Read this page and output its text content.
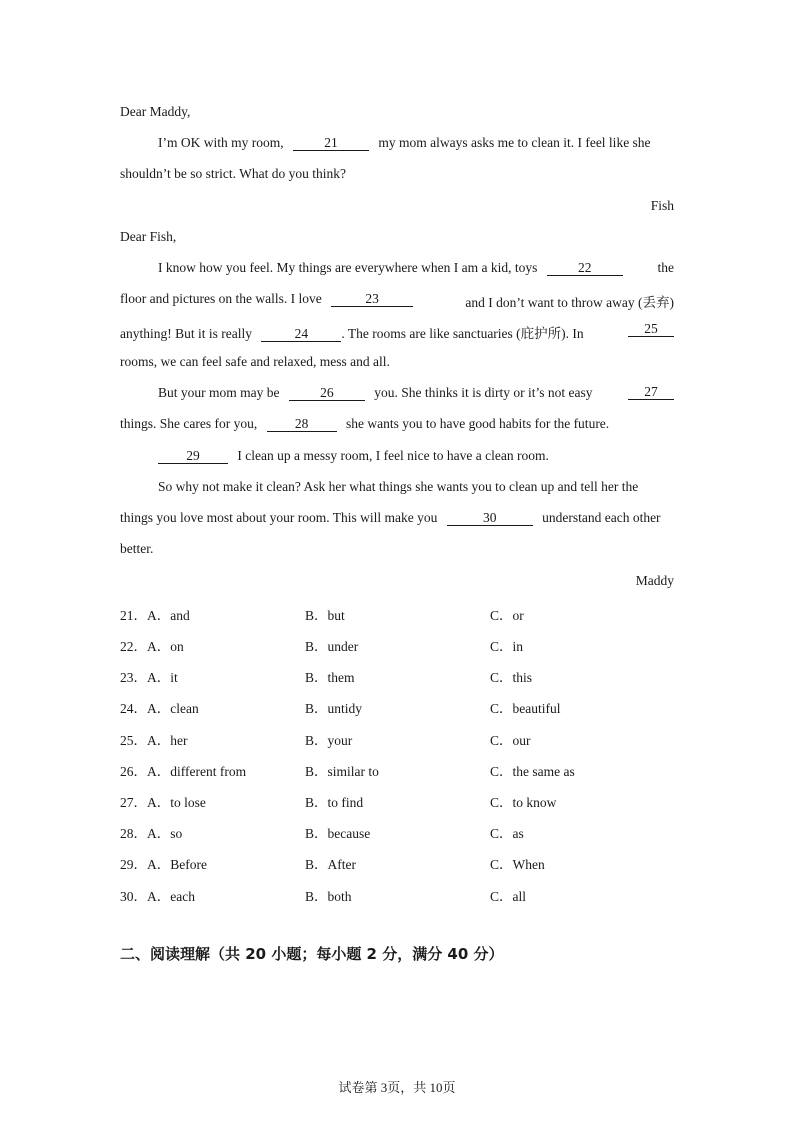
Dear Maddy,
I’m OK with my room,	21	my mom always asks me to clean it. I feel like she
shouldn’t be so strict. What do you think?
Fish
Dear Fish,
I know how you feel. My things are everywhere when I am a kid, toys	22	the
floor and pictures on the walls. I love	23	and I don’t want to throw away (丢弃)
anything! But it is really	24 . The rooms are like sanctuaries (庇护所). In	25
rooms, we can feel safe and relaxed, mess and all.
But your mom may be	26	you. She thinks it is dirty or it’s not easy	27
things. She cares for you,	28	she wants you to have good habits for the future.
29	I clean up a messy room, I feel nice to have a clean room.
So why not make it clean? Ask her what things she wants you to clean up and tell her the
things you love most about your room. This will make you	30	understand each other
better.
Maddy
21．A．and	B．but	C．or
22．A．on	B．under	C．in
23．A．it	B．them	C．this
24．A．clean	B．untidy	C．beautiful
25．A．her	B．your	C．our
26．A．different from	B．similar to	C．the same as
27．A．to lose	B．to find	C．to know
28．A．so	B．because	C．as
29．A．Before	B．After	C．When
30．A．each	B．both	C．all
二、阅读理解（共 20 小题；每小题 2 分，满分 40 分）
试卷第 3页，共 10页
